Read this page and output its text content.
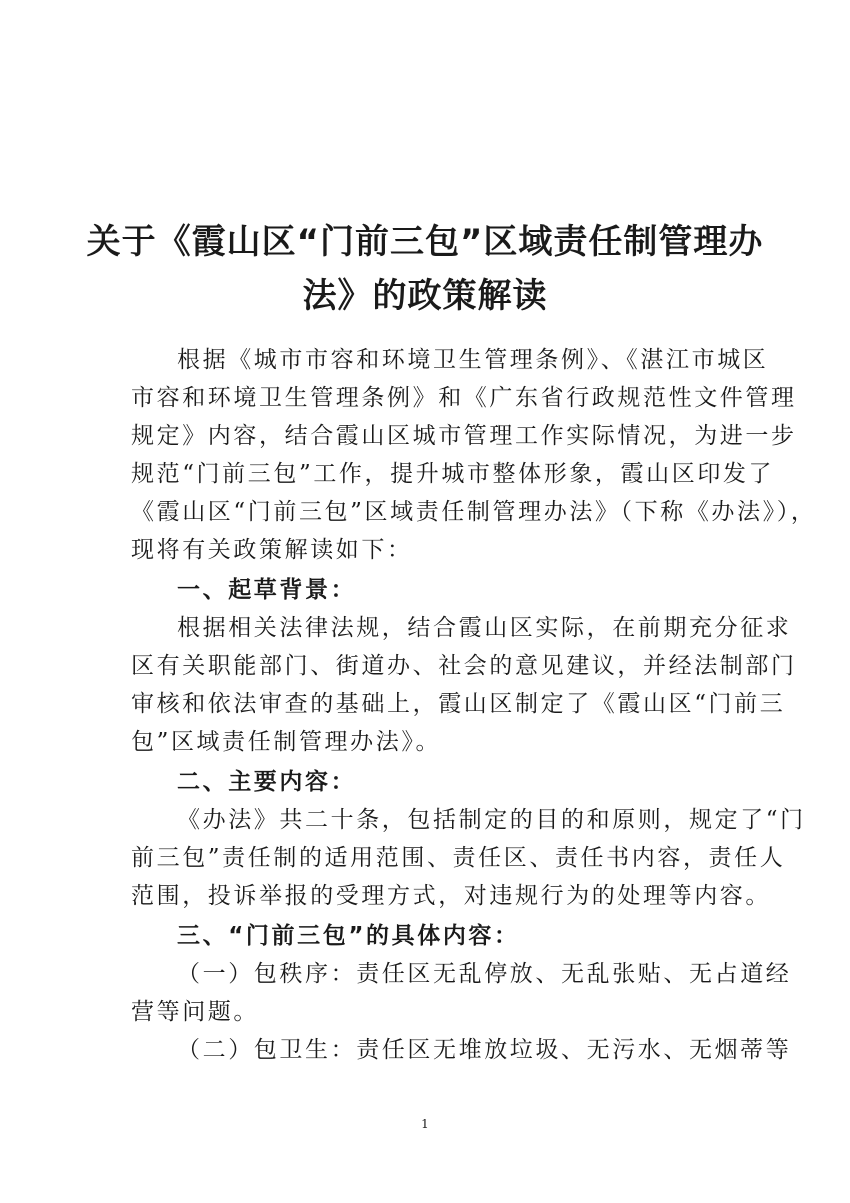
关于《霞山区“门前三包”区域责任制管理办
法》的政策解读
根据《城市市容和环境卫生管理条例》、《湛江市城区
市容和环境卫生管理条例》和《广东省行政规范性文件管理
规定》内容，结合霞山区城市管理工作实际情况，为进一步
规范“门前三包”工作，提升城市整体形象，霞山区印发了
《霞山区“门前三包”区域责任制管理办法》（下称《办法》），
现将有关政策解读如下：
一、起草背景：
根据相关法律法规，结合霞山区实际，在前期充分征求
区有关职能部门、街道办、社会的意见建议，并经法制部门
审核和依法审查的基础上，霞山区制定了《霞山区“门前三
包”区域责任制管理办法》。
二、主要内容：
《办法》共二十条，包括制定的目的和原则，规定了“门
前三包”责任制的适用范围、责任区、责任书内容，责任人
范围，投诉举报的受理方式，对违规行为的处理等内容。
三、“门前三包”的具体内容：
（一）包秩序：责任区无乱停放、无乱张贴、无占道经
营等问题。
（二）包卫生：责任区无堆放垃圾、无污水、无烟蒂等
1
